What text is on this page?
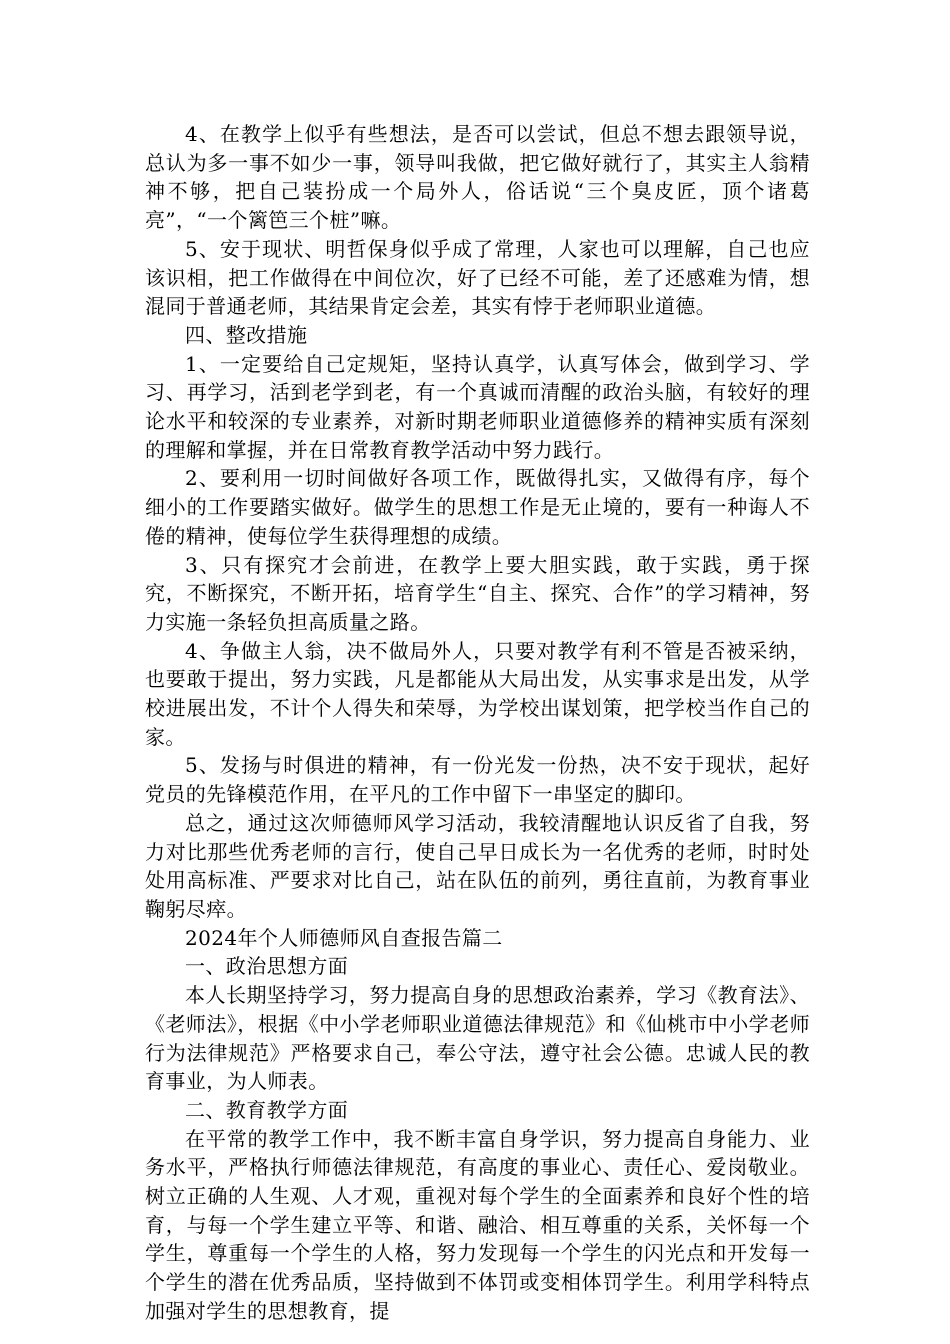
4、在教学上似乎有些想法，是否可以尝试，但总不想去跟领导说，总认为多一事不如少一事，领导叫我做，把它做好就行了，其实主人翁精神不够，把自己装扮成一个局外人，俗话说“三个臭皮匠，顶个诸葛亮”，“一个篱笆三个桩”嘛。

5、安于现状、明哲保身似乎成了常理，人家也可以理解，自己也应该识相，把工作做得在中间位次，好了已经不可能，差了还感难为情，想混同于普通老师，其结果肯定会差，其实有悖于老师职业道德。

四、整改措施

1、一定要给自己定规矩，坚持认真学，认真写体会，做到学习、学习、再学习，活到老学到老，有一个真诚而清醒的政治头脑，有较好的理论水平和较深的专业素养，对新时期老师职业道德修养的精神实质有深刻的理解和掌握，并在日常教育教学活动中努力践行。

2、要利用一切时间做好各项工作，既做得扎实，又做得有序，每个细小的工作要踏实做好。做学生的思想工作是无止境的，要有一种诲人不倦的精神，使每位学生获得理想的成绩。

3、只有探究才会前进，在教学上要大胆实践，敢于实践，勇于探究，不断探究，不断开拓，培育学生“自主、探究、合作”的学习精神，努力实施一条轻负担高质量之路。

4、争做主人翁，决不做局外人，只要对教学有利不管是否被采纳，也要敢于提出，努力实践，凡是都能从大局出发，从实事求是出发，从学校进展出发，不计个人得失和荣辱，为学校出谋划策，把学校当作自己的家。

5、发扬与时俱进的精神，有一份光发一份热，决不安于现状，起好党员的先锋模范作用，在平凡的工作中留下一串坚定的脚印。

总之，通过这次师德师风学习活动，我较清醒地认识反省了自我，努力对比那些优秀老师的言行，使自己早日成长为一名优秀的老师，时时处处用高标准、严要求对比自己，站在队伍的前列，勇往直前，为教育事业鞠躬尽瘁。

2024年个人师德师风自查报告篇二

一、政治思想方面

本人长期坚持学习，努力提高自身的思想政治素养，学习《教育法》、《老师法》，根据《中小学老师职业道德法律规范》和《仙桃市中小学老师行为法律规范》严格要求自己，奉公守法，遵守社会公德。忠诚人民的教育事业，为人师表。

二、教育教学方面

在平常的教学工作中，我不断丰富自身学识，努力提高自身能力、业务水平，严格执行师德法律规范，有高度的事业心、责任心、爱岗敬业。树立正确的人生观、人才观，重视对每个学生的全面素养和良好个性的培育，与每一个学生建立平等、和谐、融洽、相互尊重的关系，关怀每一个学生，尊重每一个学生的人格，努力发现每一个学生的闪光点和开发每一个学生的潜在优秀品质，坚持做到不体罚或变相体罚学生。利用学科特点加强对学生的思想教育，提
